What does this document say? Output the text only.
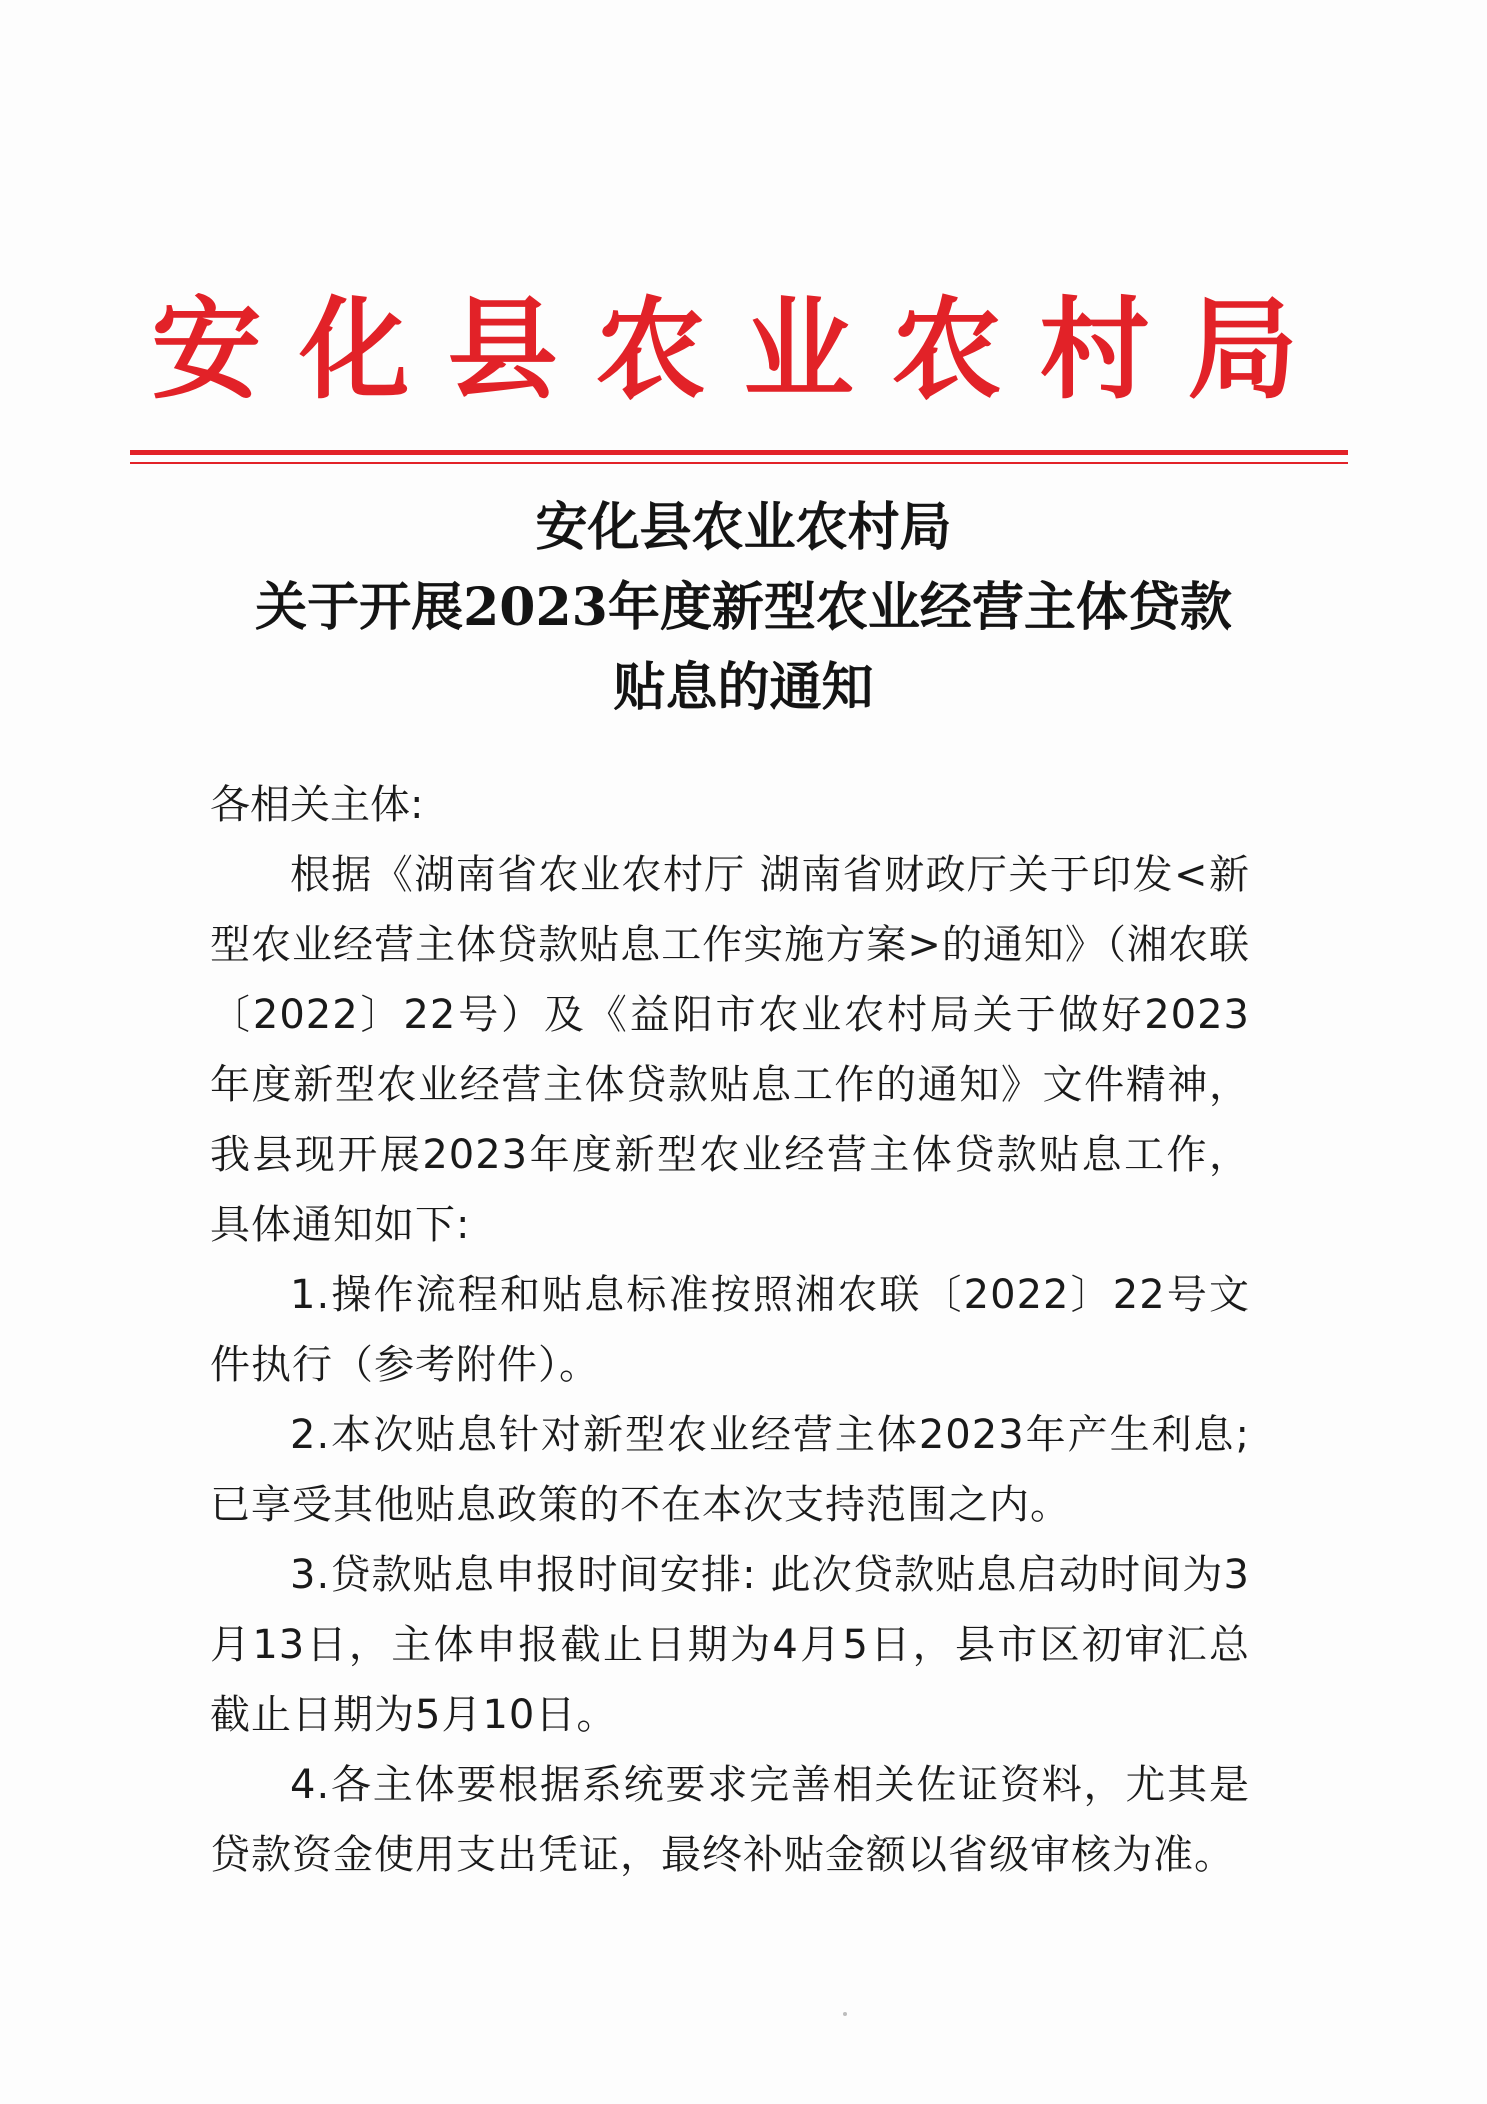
安化县农业农村局
安化县农业农村局
关于开展2023年度新型农业经营主体贷款
贴息的通知

各相关主体:

根据《湖南省农业农村厅 湖南省财政厅关于印发<新型农业经营主体贷款贴息工作实施方案>的通知》（湘农联〔2022〕22号）及《益阳市农业农村局关于做好2023年度新型农业经营主体贷款贴息工作的通知》文件精神，我县现开展2023年度新型农业经营主体贷款贴息工作，具体通知如下:

1.操作流程和贴息标准按照湘农联〔2022〕22号文件执行（参考附件）。

2.本次贴息针对新型农业经营主体2023年产生利息;已享受其他贴息政策的不在本次支持范围之内。

3.贷款贴息申报时间安排: 此次贷款贴息启动时间为3月13日，主体申报截止日期为4月5日，县市区初审汇总截止日期为5月10日。

4.各主体要根据系统要求完善相关佐证资料，尤其是贷款资金使用支出凭证，最终补贴金额以省级审核为准。
